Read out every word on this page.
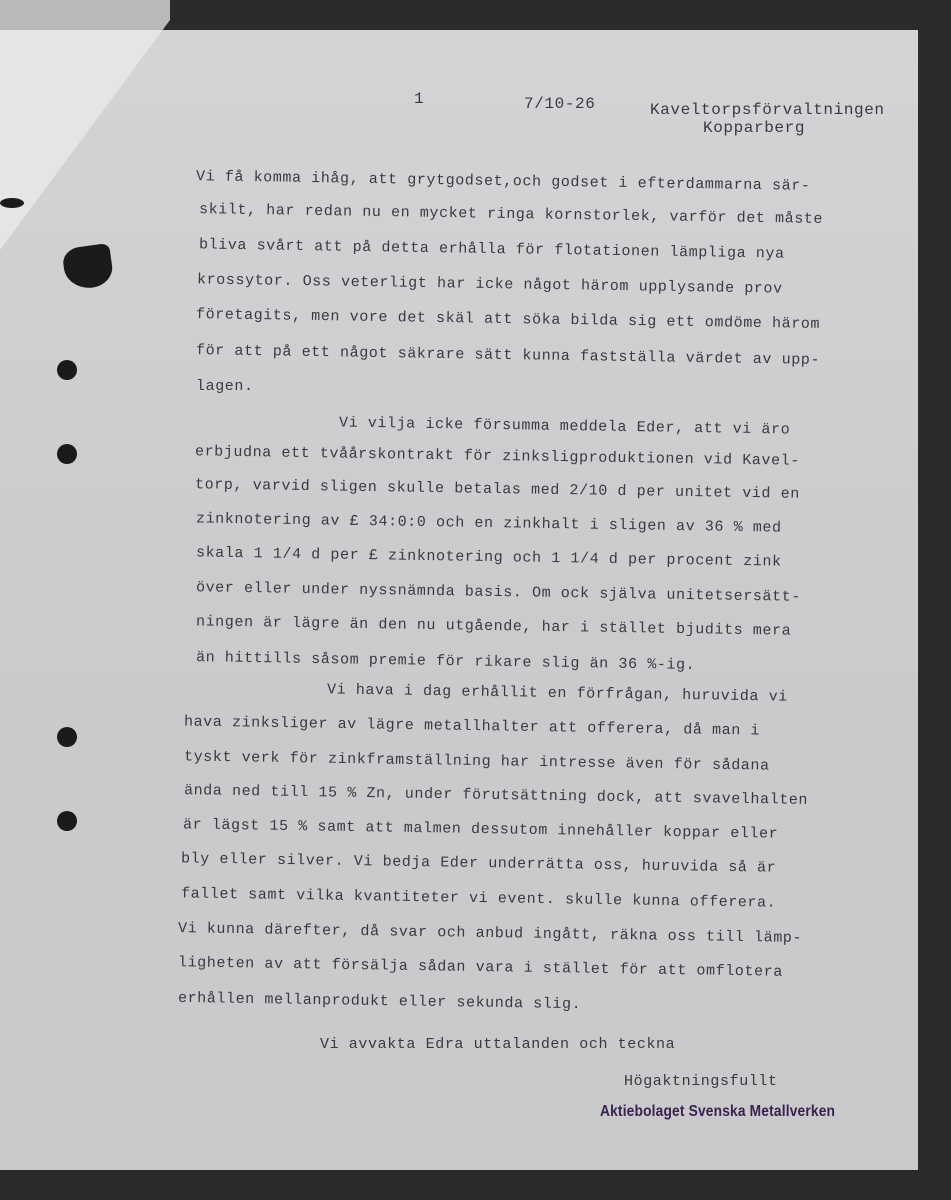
1	7/10-26	Kaveltorpsförvaltningen
Kopparberg
Vi få komma ihåg, att grytgodset,och godset i efterdammarna sär-
skilt, har redan nu en mycket ringa kornstorlek, varför det måste
bliva svårt att på detta erhålla för flotationen lämpliga nya
krossytor. Oss veterligt har icke något härom upplysande prov
företagits, men vore det skäl att söka bilda sig ett omdöme härom
för att på ett något säkrare sätt kunna fastställa värdet av upp-
lagen.
Vi vilja icke försumma meddela Eder, att vi äro
erbjudna ett tvåårskontrakt för zinksligproduktionen vid Kavel-
torp, varvid sligen skulle betalas med 2/10 d per unitet vid en
zinknotering av £ 34:0:0 och en zinkhalt i sligen av 36 % med
skala 1 1/4 d per £ zinknotering och 1 1/4 d per procent zink
över eller under nyssnämnda basis. Om ock själva unitetsersätt-
ningen är lägre än den nu utgående, har i stället bjudits mera
än hittills såsom premie för rikare slig än 36 %-ig.
Vi hava i dag erhållit en förfrågan, huruvida vi
hava zinksliger av lägre metallhalter att offerera, då man i
tyskt verk för zinkframställning har intresse även för sådana
ända ned till 15 % Zn, under förutsättning dock, att svavelhalten
är lägst 15 % samt att malmen dessutom innehåller koppar eller
bly eller silver. Vi bedja Eder underrätta oss, huruvida så är
fallet samt vilka kvantiteter vi event. skulle kunna offerera.
Vi kunna därefter, då svar och anbud ingått, räkna oss till lämp-
ligheten av att försälja sådan vara i stället för att omflotera
erhållen mellanprodukt eller sekunda slig.
Vi avvakta Edra uttalanden och teckna
Högaktningsfullt
Aktiebolaget Svenska Metallverken
